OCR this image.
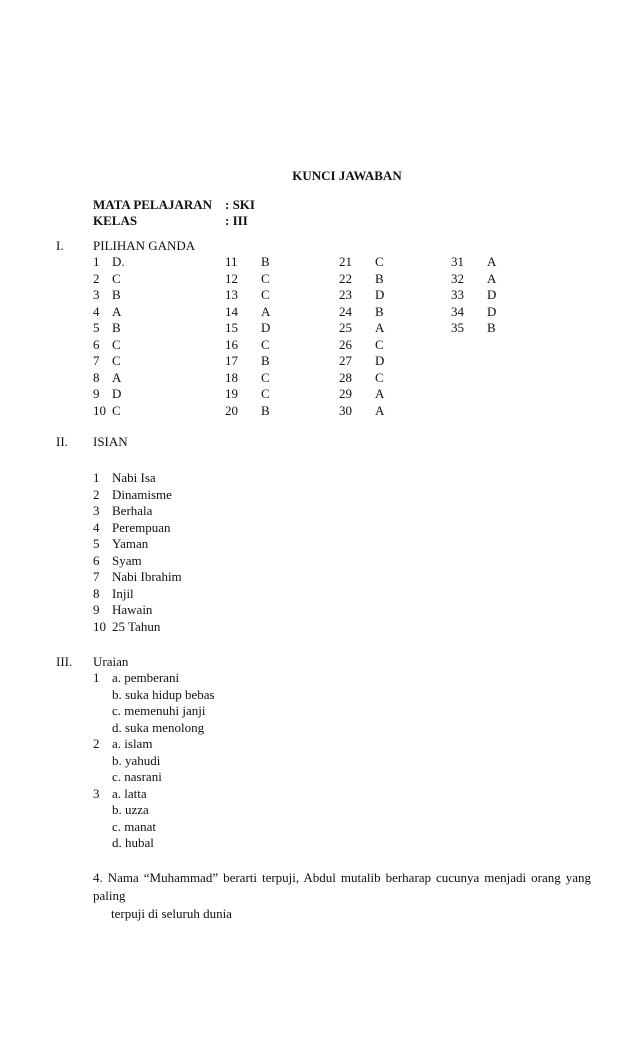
KUNCI JAWABAN
MATA PELAJARAN : SKI
KELAS	: III
I. PILIHAN GANDA
1 D.
2 C
3 B
4 A
5 B
6 C
7 C
8 A
9 D
10 C
11 B
12 C
13 C
14 A
15 D
16 C
17 B
18 C
19 C
20 B
21 C
22 B
23 D
24 B
25 A
26 C
27 D
28 C
29 A
30 A
31 A
32 A
33 D
34 D
35 B
II. ISIAN
1 Nabi Isa
2 Dinamisme
3 Berhala
4 Perempuan
5 Yaman
6 Syam
7 Nabi Ibrahim
8 Injil
9 Hawain
10 25 Tahun
III. Uraian
1 a. pemberani
b. suka hidup bebas
c. memenuhi janji
d. suka menolong
2 a. islam
b. yahudi
c. nasrani
3 a. latta
b. uzza
c. manat
d. hubal
4. Nama “Muhammad” berarti terpuji, Abdul mutalib berharap cucunya menjadi orang yang paling
terpuji di seluruh dunia
